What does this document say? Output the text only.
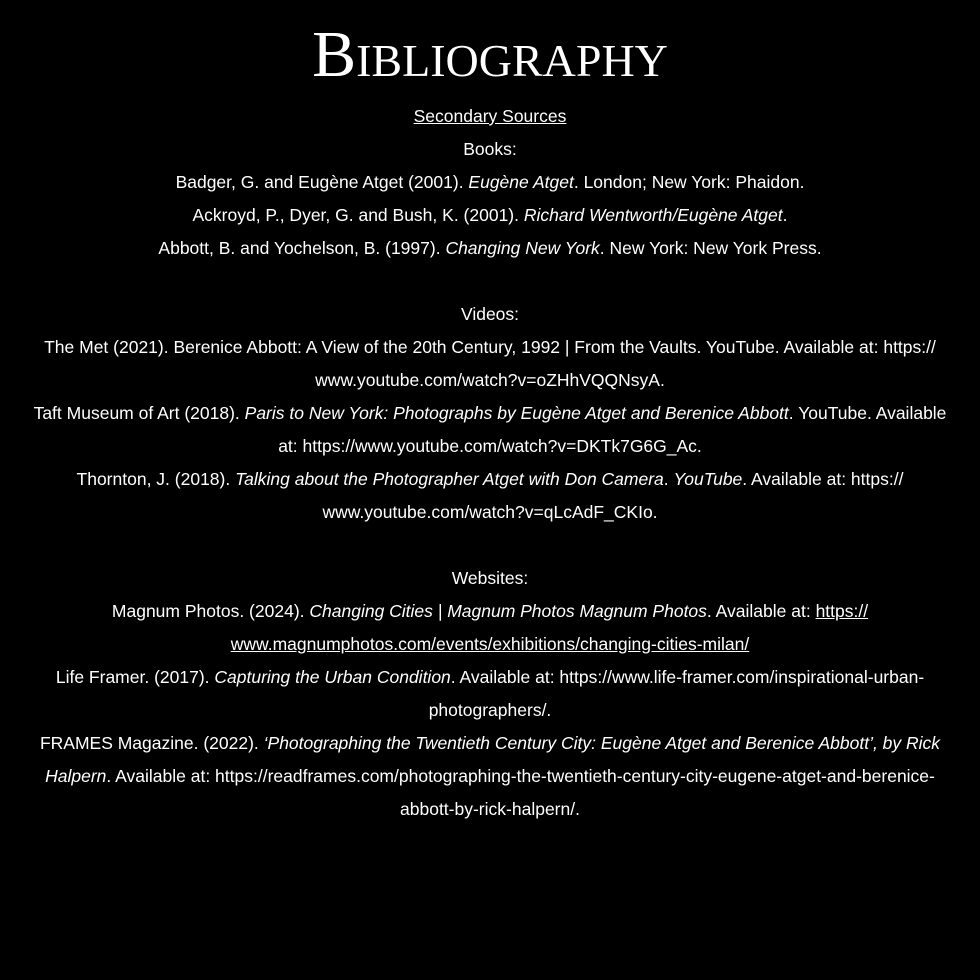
Bibliography
Secondary Sources
Books:
Badger, G. and Eugène Atget (2001). Eugène Atget. London; New York: Phaidon.
Ackroyd, P., Dyer, G. and Bush, K. (2001). Richard Wentworth/Eugène Atget.
Abbott, B. and Yochelson, B. (1997). Changing New York. New York: New York Press.
Videos:
The Met (2021). Berenice Abbott: A View of the 20th Century, 1992 | From the Vaults. YouTube. Available at: https://
www.youtube.com/watch?v=oZHhVQQNsyA.
Taft Museum of Art (2018). Paris to New York: Photographs by Eugène Atget and Berenice Abbott. YouTube. Available
at: https://www.youtube.com/watch?v=DKTk7G6G_Ac.
Thornton, J. (2018). Talking about the Photographer Atget with Don Camera. YouTube. Available at: https://
www.youtube.com/watch?v=qLcAdF_CKIo.
Websites:
Magnum Photos. (2024). Changing Cities | Magnum Photos Magnum Photos. Available at: https://
www.magnumphotos.com/events/exhibitions/changing-cities-milan/
Life Framer. (2017). Capturing the Urban Condition. Available at: https://www.life-framer.com/inspirational-urban-
photographers/.
FRAMES Magazine. (2022). ‘Photographing the Twentieth Century City: Eugène Atget and Berenice Abbott’, by Rick
Halpern. Available at: https://readframes.com/photographing-the-twentieth-century-city-eugene-atget-and-berenice-
abbott-by-rick-halpern/.
